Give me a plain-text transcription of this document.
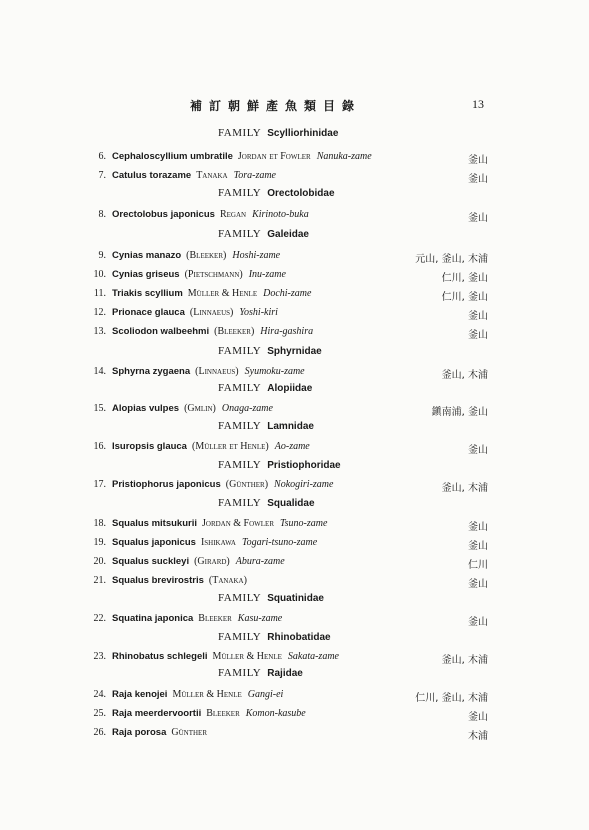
補訂朝鮮產魚類目錄	13
FAMILY Scylliorhinidae
6. Cephaloscyllium umbratile Jordan et Fowler Nanuka-zame	釜山
7. Catulus torazame Tanaka Tora-zame	釜山
FAMILY Orectolobidae
8. Orectolobus japonicus Regan Kirinoto-buka	釜山
FAMILY Galeidae
9. Cynias manazo (Bleeker) Hoshi-zame	元山, 釜山, 木浦
10. Cynias griseus (Pietschmann) Inu-zame	仁川, 釜山
11. Triakis scyllium Müller & Henle Dochi-zame	仁川, 釜山
12. Prionace glauca (Linnaeus) Yoshi-kiri	釜山
13. Scoliodon walbeehmi (Bleeker) Hira-gashira	釜山
FAMILY Sphyrnidae
14. Sphyrna zygaena (Linnaeus) Syumoku-zame	釜山, 木浦
FAMILY Alopiidae
15. Alopias vulpes (Gmlin) Onaga-zame	鎭南浦, 釜山
FAMILY Lamnidae
16. Isuropsis glauca (Müller et Henle) Ao-zame	釜山
FAMILY Pristiophoridae
17. Pristiophorus japonicus (Günther) Nokogiri-zame	釜山, 木浦
FAMILY Squalidae
18. Squalus mitsukurii Jordan & Fowler Tsuno-zame	釜山
19. Squalus japonicus Ishikawa Togari-tsuno-zame	釜山
20. Squalus suckleyi (Girard) Abura-zame	仁川
21. Squalus brevirostris (Tanaka)	釜山
FAMILY Squatinidae
22. Squatina japonica Bleeker Kasu-zame	釜山
FAMILY Rhinobatidae
23. Rhinobatus schlegeli Müller & Henle Sakata-zame	釜山, 木浦
FAMILY Rajidae
24. Raja kenojei Müller & Henle Gangi-ei	仁川, 釜山, 木浦
25. Raja meerdervoortii Bleeker Komon-kasube	釜山
26. Raja porosa Günther	木浦
